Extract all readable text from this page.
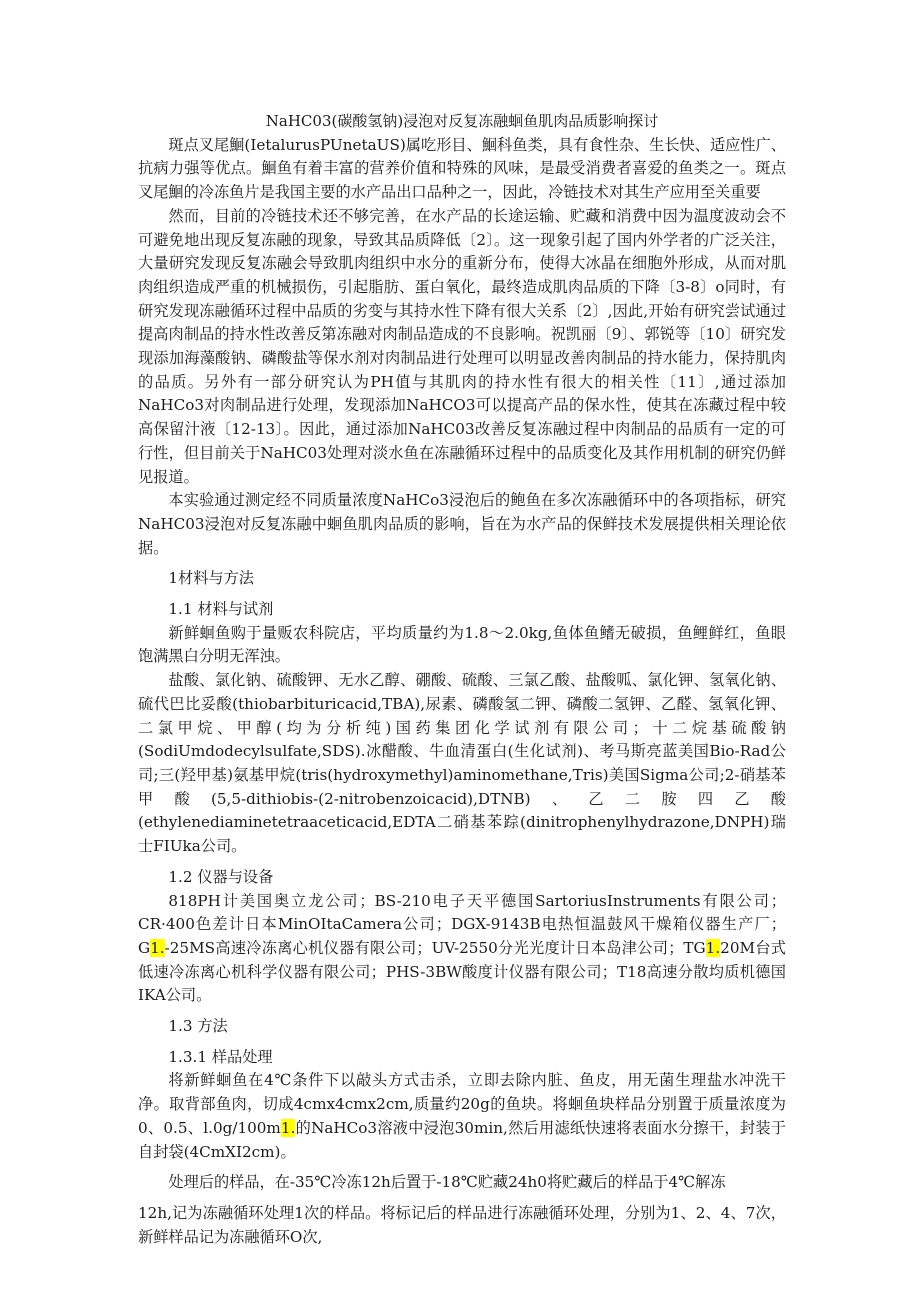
NaHC03(碳酸氢钠)浸泡对反复冻融蛔鱼肌肉品质影响探讨

斑点叉尾鮰(IetalurusPUnetaUS)属吃形目、鮰科鱼类，具有食性杂、生长快、适应性广、抗病力强等优点。鮰鱼有着丰富的营养价值和特殊的风味，是最受消费者喜爱的鱼类之一。斑点叉尾鮰的冷冻鱼片是我国主要的水产品出口品种之一，因此，冷链技术对其生产应用至关重要

然而，目前的冷链技术还不够完善，在水产品的长途运输、贮藏和消费中因为温度波动会不可避免地出现反复冻融的现象，导致其品质降低〔2〕。这一现象引起了国内外学者的广泛关注，大量研究发现反复冻融会导致肌肉组织中水分的重新分布，使得大冰晶在细胞外形成，从而对肌肉组织造成严重的机械损伤，引起脂肪、蛋白氧化，最终造成肌肉品质的下降〔3-8〕o同时，有研究发现冻融循环过程中品质的劣变与其持水性下降有很大关系〔2〕,因此,开始有研究尝试通过提高肉制品的持水性改善反第冻融对肉制品造成的不良影响。祝凯丽〔9〕、郭锐等〔10〕研究发现添加海藻酸钠、磷酸盐等保水剂对肉制品进行处理可以明显改善肉制品的持水能力，保持肌肉的品质。另外有一部分研究认为PH值与其肌肉的持水性有很大的相关性〔11〕,通过添加NaHCo3对肉制品进行处理，发现添加NaHCO3可以提高产品的保水性，使其在冻藏过程中较高保留汁液〔12-13〕。因此，通过添加NaHC03改善反复冻融过程中肉制品的品质有一定的可行性，但目前关于NaHC03处理对淡水鱼在冻融循环过程中的品质变化及其作用机制的研究仍鲜见报道。

本实验通过测定经不同质量浓度NaHCo3浸泡后的鲍鱼在多次冻融循环中的各项指标，研究NaHC03浸泡对反复冻融中蛔鱼肌肉品质的影响，旨在为水产品的保鲜技术发展提供相关理论依据。

1材料与方法

1.1 材料与试剂

新鲜蛔鱼购于量贩农科院店，平均质量约为1.8～2.0kg,鱼体鱼鳍无破损，鱼鲤鲜红，鱼眼饱满黑白分明无浑浊。

盐酸、氯化钠、硫酸钾、无水乙醇、硼酸、硫酸、三氯乙酸、盐酸呱、氯化钾、氢氧化钠、硫代巴比妥酸(thiobarbituricacid,TBA),尿素、磷酸氢二钾、磷酸二氢钾、乙醛、氢氧化钾、二氯甲烷、甲醇(均为分析纯)国药集团化学试剂有限公司；十二烷基硫酸钠(SodiUmdodecylsulfate,SDS).冰醋酸、牛血清蛋白(生化试剂)、考马斯亮蓝美国Bio-Rad公司;三(羟甲基)氨基甲烷(tris(hydroxymethyl)aminomethane,Tris)美国Sigma公司;2-硝基苯甲酸(5,5-dithiobis-(2-nitrobenzoicacid),DTNB)、乙二胺四乙酸(ethylenediaminetetraaceticacid,EDTA二硝基苯踪(dinitrophenylhydrazone,DNPH)瑞士FIUka公司。

1.2 仪器与设备

818PH计美国奥立龙公司；BS-210电子天平德国SartoriusInstruments有限公司；CR·400色差计日本MinOItaCamera公司；DGX-9143B电热恒温鼓风干燥箱仪器生产厂；G1.-25MS高速冷冻离心机仪器有限公司；UV-2550分光光度计日本岛津公司；TG1.20M台式低速冷冻离心机科学仪器有限公司；PHS-3BW酸度计仪器有限公司；T18高速分散均质机德国IKA公司。

1.3 方法

1.3.1 样品处理

将新鲜蛔鱼在4℃条件下以敲头方式击杀，立即去除内脏、鱼皮，用无菌生理盐水冲洗干净。取背部鱼肉，切成4cmx4cmx2cm,质量约20g的鱼块。将蛔鱼块样品分别置于质量浓度为0、0.5、l.0g/100m1.的NaHCo3溶液中浸泡30min,然后用滤纸快速将表面水分擦干，封装于自封袋(4CmXI2cm)。

处理后的样品，在-35℃冷冻12h后置于-18℃贮藏24h0将贮藏后的样品于4℃解冻

12h,记为冻融循环处理1次的样品。将标记后的样品进行冻融循环处理，分别为1、2、4、7次，新鲜样品记为冻融循环O次,
